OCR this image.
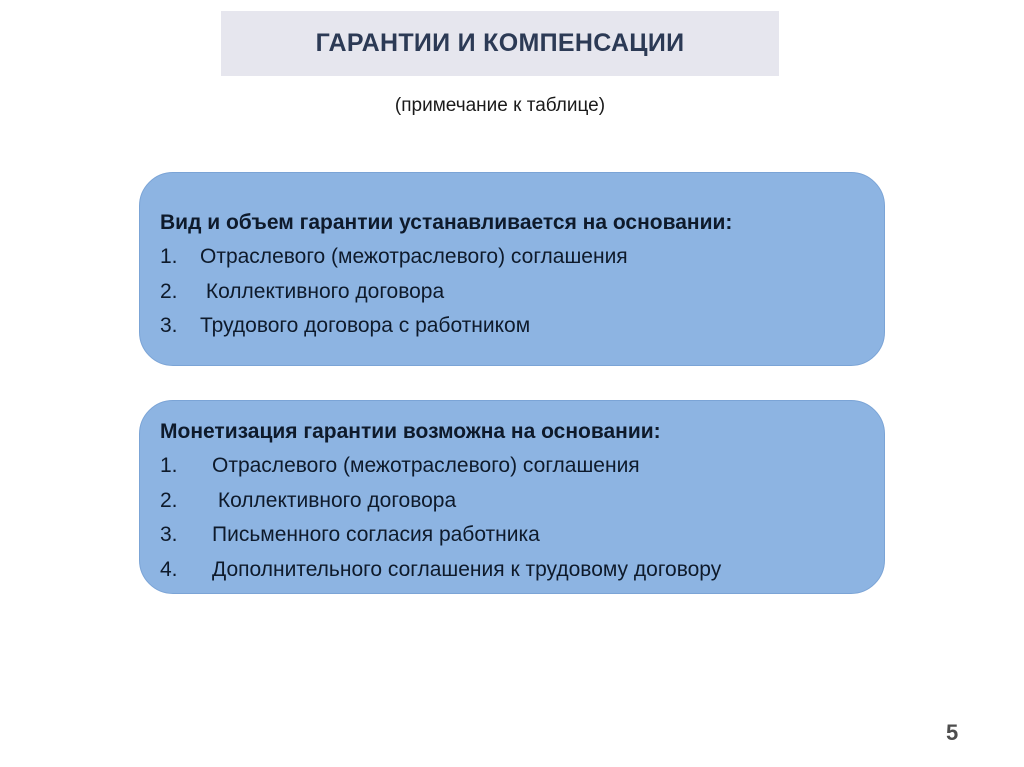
ГАРАНТИИ И КОМПЕНСАЦИИ
(примечание к таблице)
Вид и объем гарантии устанавливается на основании:
1.	Отраслевого (межотраслевого) соглашения
2.	Коллективного договора
3.	Трудового договора с работником
Монетизация гарантии возможна на основании:
1.	Отраслевого (межотраслевого) соглашения
2.	Коллективного договора
3.	Письменного согласия работника
4.	Дополнительного соглашения к трудовому договору
5
